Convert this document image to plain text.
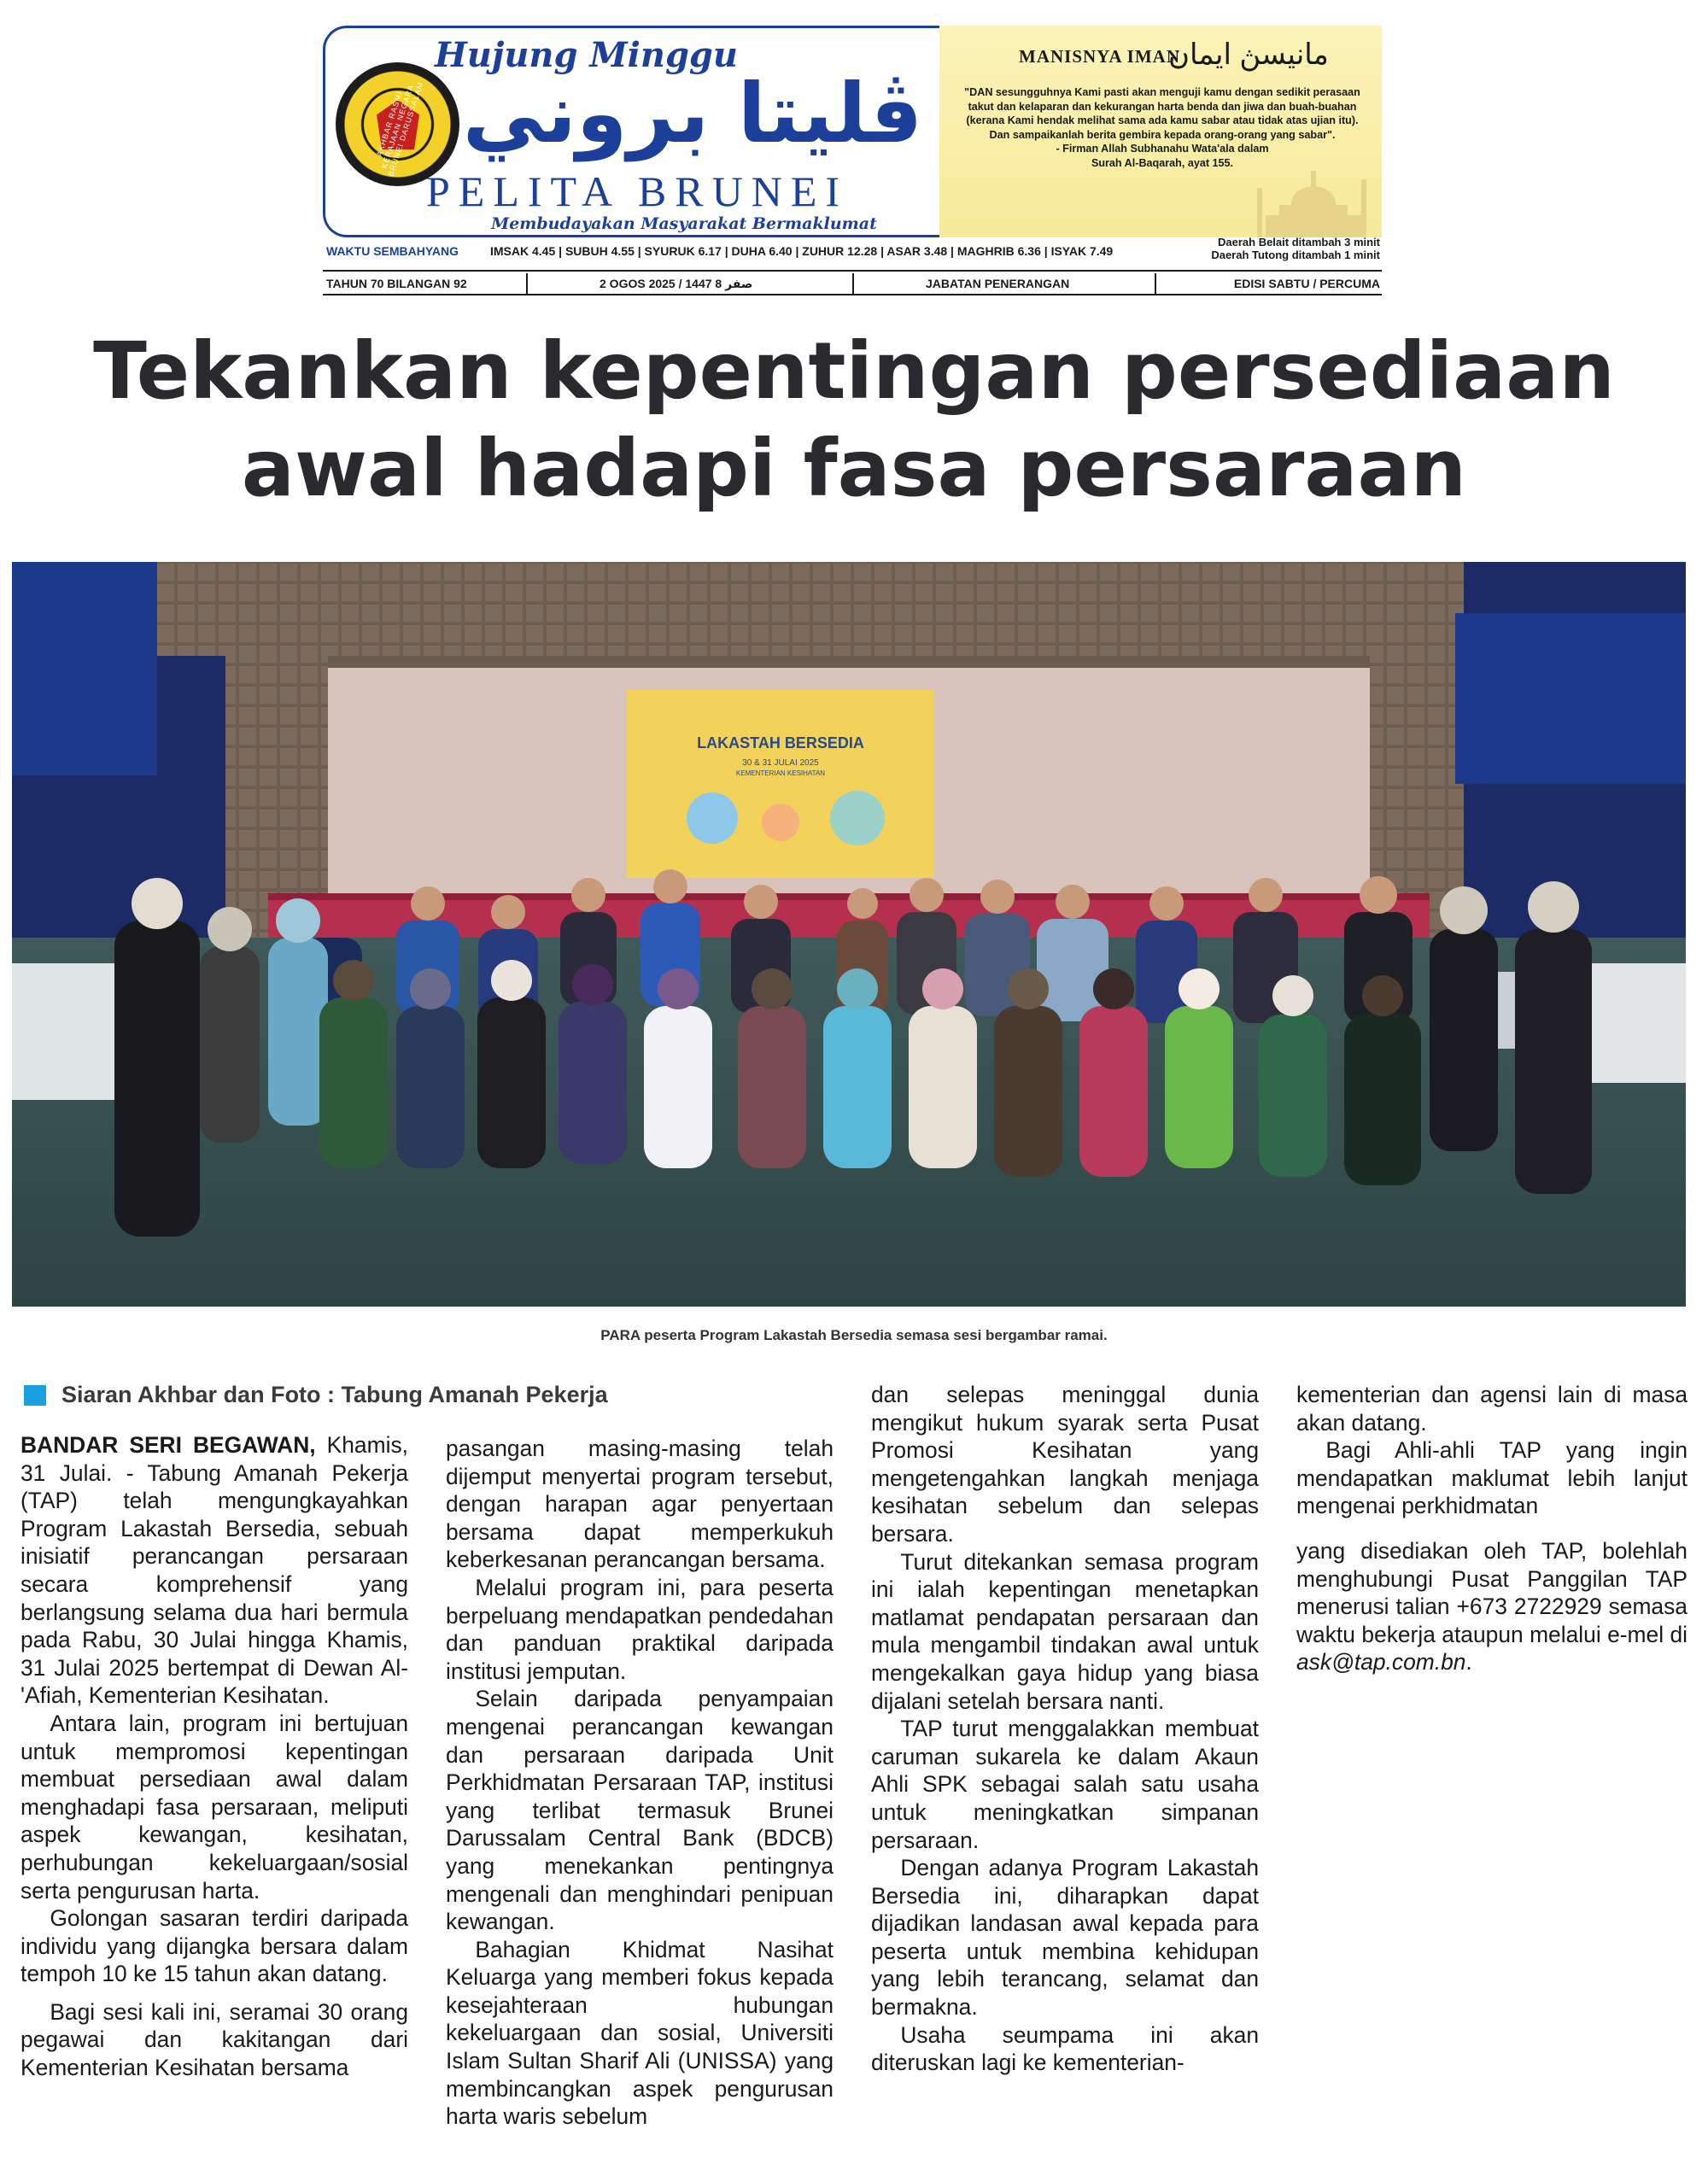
AKHBAR RASMI KERAJAAN NEGARA BRUNEI DARUSSALAM
Hujung Minggu
ڤليتا بروني
PELITA BRUNEI
Membudayakan Masyarakat Bermaklumat
MANISNYA IMAN
مانيسڽ ايمان
"DAN sesungguhnya Kami pasti akan menguji kamu dengan sedikit perasaan takut dan kelaparan dan kekurangan harta benda dan jiwa dan buah-buahan (kerana Kami hendak melihat sama ada kamu sabar atau tidak atas ujian itu). Dan sampaikanlah berita gembira kepada orang-orang yang sabar".
- Firman Allah Subhanahu Wata'ala dalam
Surah Al-Baqarah, ayat 155.
WAKTU SEMBAHYANG	IMSAK 4.45 | SUBUH 4.55 | SYURUK 6.17 | DUHA 6.40 | ZUHUR 12.28 | ASAR 3.48 | MAGHRIB 6.36 | ISYAK 7.49
Daerah Belait ditambah 3 minit
Daerah Tutong ditambah 1 minit
TAHUN 70 BILANGAN 92	2 OGOS 2025 / 1447 صفر 8	JABATAN PENERANGAN	EDISI SABTU / PERCUMA
Tekankan kepentingan persediaan
awal hadapi fasa persaraan
LAKASTAH BERSEDIA
30 & 31 JULAI 2025
KEMENTERIAN KESIHATAN
PARA peserta Program Lakastah Bersedia semasa sesi bergambar ramai.
Siaran Akhbar dan Foto : Tabung Amanah Pekerja

BANDAR SERI BEGAWAN, Khamis, 31 Julai. - Tabung Amanah Pekerja (TAP) telah mengungkayahkan Program Lakastah Bersedia, sebuah inisiatif perancangan persaraan secara komprehensif yang berlangsung selama dua hari bermula pada Rabu, 30 Julai hingga Khamis, 31 Julai 2025 bertempat di Dewan Al-'Afiah, Kementerian Kesihatan.

Antara lain, program ini bertujuan untuk mempromosi kepentingan membuat persediaan awal dalam menghadapi fasa persaraan, meliputi aspek kewangan, kesihatan, perhubungan kekeluargaan/sosial serta pengurusan harta.

Golongan sasaran terdiri daripada individu yang dijangka bersara dalam tempoh 10 ke 15 tahun akan datang.

Bagi sesi kali ini, seramai 30 orang pegawai dan kakitangan dari Kementerian Kesihatan bersama

pasangan masing-masing telah dijemput menyertai program tersebut, dengan harapan agar penyertaan bersama dapat memperkukuh keberkesanan perancangan bersama.

Melalui program ini, para peserta berpeluang mendapatkan pendedahan dan panduan praktikal daripada institusi jemputan.

Selain daripada penyampaian mengenai perancangan kewangan dan persaraan daripada Unit Perkhidmatan Persaraan TAP, institusi yang terlibat termasuk Brunei Darussalam Central Bank (BDCB) yang menekankan pentingnya mengenali dan menghindari penipuan kewangan.

Bahagian Khidmat Nasihat Keluarga yang memberi fokus kepada kesejahteraan hubungan kekeluargaan dan sosial, Universiti Islam Sultan Sharif Ali (UNISSA) yang membincangkan aspek pengurusan harta waris sebelum

dan selepas meninggal dunia mengikut hukum syarak serta Pusat Promosi Kesihatan yang mengetengahkan langkah menjaga kesihatan sebelum dan selepas bersara.

Turut ditekankan semasa program ini ialah kepentingan menetapkan matlamat pendapatan persaraan dan mula mengambil tindakan awal untuk mengekalkan gaya hidup yang biasa dijalani setelah bersara nanti.

TAP turut menggalakkan membuat caruman sukarela ke dalam Akaun Ahli SPK sebagai salah satu usaha untuk meningkatkan simpanan persaraan.

Dengan adanya Program Lakastah Bersedia ini, diharapkan dapat dijadikan landasan awal kepada para peserta untuk membina kehidupan yang lebih terancang, selamat dan bermakna.

Usaha seumpama ini akan diteruskan lagi ke kementerian-

kementerian dan agensi lain di masa akan datang.

Bagi Ahli-ahli TAP yang ingin mendapatkan maklumat lebih lanjut mengenai perkhidmatan

yang disediakan oleh TAP, bolehlah menghubungi Pusat Panggilan TAP menerusi talian +673 2722929 semasa waktu bekerja ataupun melalui e-mel di ask@tap.com.bn.
